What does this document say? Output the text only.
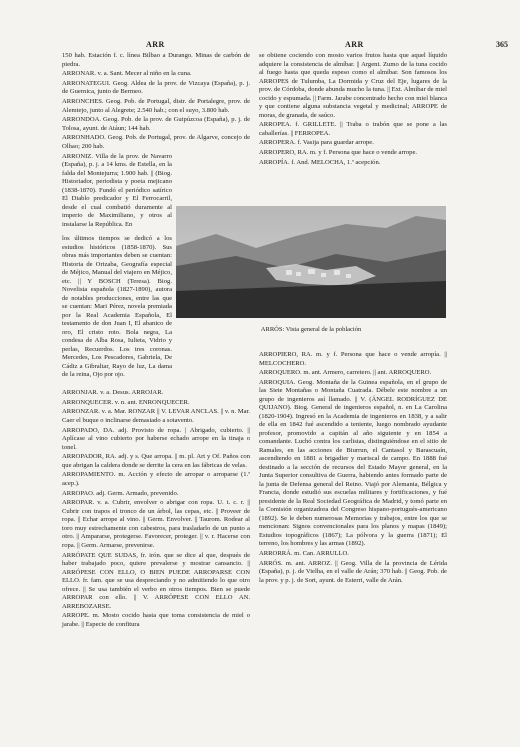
ARR	ARR	365

150 hab. Estación f. c. línea Bilbao a Durango. Minas de carbón de piedra.

ARRONAR. v. a. Sant. Mecer al niño en la cuna.

ARRONATEGUI. Geog. Aldea de la prov. de Vizcaya (España), p. j. de Guernica, junto de Bermeo.

ARRONCHES. Geog. Pob. de Portugal, distr. de Portalegre, prov. de Alemtejo, junto al Alegrete; 2.540 hab.; con el suyo, 3.800 hab.

ARRONDOA. Geog. Pob. de la prov. de Guipúzcoa (España), p. j. de Tolosa, ayunt. de Atáun; 144 hab.

ARRONHADO. Geog. Pob. de Portugal, prov. de Algarve, concejo de Olhao; 200 hab.

ARRONIZ. Villa de la prov. de Navarro (España), p. j. a 14 kms. de Estella, en la falda del Montejurra; 1.900 hab. || (Biog. Historiador, periodista y poeta mejicano (1838-1870). Fundó el periódico satírico El Diablo predicador y El Ferrocarril, desde el cual combatió duramente al imperio de Maximiliano, y otros al instalarse la República. En

los últimos tiempos se dedicó a los estudios históricos (1858-1870). Sus obras más importantes deben se cuentan: Historia de Orizaba, Geografía especial de Méjico, Manual del viajero en Méjico, etc. || Y BOSCH (Teresa). Biog. Novelista española (1827-1890), autora de notables producciones, entre las que se cuentan: Mari Pérez, novela premiada por la Real Academia Española, El testamento de don Juan I, El abanico de oro, El cristo roto. Bola negra, La condesa de Alba Rosa, Iulieta, Vidrio y perlas, Recuerdos. Los tres coronas. Mercedes, Los Pescadores, Gabriela, De Cádiz a Gibraltar, Rayo de luz, La dama de la reina, Ojo por ojo.

ARRÓS: Vista general de la población

ARRONJAR. v. a. Desus. ARROJAR.

ARRONQUECER. v. n. ant. ENRONQUECER.

ARRONZAR. v. a. Mar. RONZAR || V. LEVAR ANCLAS. || v. n. Mar. Caer el buque o inclinarse demasiado a sotavento.

ARROPADO, DA. adj. Provisto de ropa. | Abrigado, cubierto. || Aplícase al vino cubierto por haberse echado arrope en la tinaja o tonel.

ARROPADOR, RA. adj. y s. Que arropa. || m. pl. Art y Of. Paños con que abrigan la caldera donde se derrite la cera en las fábricas de velas.

ARROPAMIENTO. m. Acción y efecto de arropar o arroparse (1.ª acep.).

ARROPAO. adj. Germ. Armado, prevenido.

ARROPAR. v. a. Cubrir, envolver o abrigar con ropa. U. t. c. r. || Cubrir con trapos el tronco de un árbol, las cepas, etc. || Proveer de ropa. || Echar arrope al vino. || Germ. Envolver. || Taurom. Rodear al toro muy estrechamente con cabestros, para trasladarlo de un punto a otro. || Ampararse, protegerse. Favorecer, proteger. || v. r. Hacerse con ropa. || Germ. Armarse, prevenirse.

ARRÓPATE QUE SUDAS, fr. irón. que se dice al que, después de haber trabajado poco, quiere prevalerse y mostrar cansancio. || ARRÓPESE CON ELLO, O BIEN PUEDE ARROPARSE CON ELLO. fr. fam. que se usa despreciando y no admitiendo lo que otro ofrece. || Se usa también el verbo en otros tiempos. Bien se puede ARROPAR con ello. || V. ARRÓPESE CON ELLO AN. ARREBOZARSE.

ARROPE. m. Mosto cocido hasta que toma consistencia de miel o jarabe. || Especie de confitura

se obtiene cociendo con mosto varios frutos hasta que aquel líquido adquiere la consistencia de almíbar. || Argent. Zumo de la tuna cocido al fuego hasta que queda espeso como el almíbar. Son famosos los ARROPES de Tulumba, La Dormida y Cruz del Eje, lugares de la prov. de Córdoba, donde abunda mucho la tuna. || Ext. Almíbar de miel cocido y espumada. || Farm. Jarabe concentrado hecho con miel blanca y que contiene alguna substancia vegetal y medicinal; ARROPE de moras, de granada, de saúco.

ARROPEA. f. GRILLETE. || Traba o trabón que se pone a las caballerías. || FERROPEA.

ARROPERA. f. Vasija para guardar arrope.

ARROPERO, RA. m. y f. Persona que hace o vende arrope.

ARROPÍA. f. And. MELOCHA, 1.ª acepción.

ARROPIERO, RA. m. y f. Persona que hace o vende arropía. || MELCOCHERO.

ARROQUERO. m. ant. Armero, carretero. || ant. ARROQUERO.

ARROQUIA. Geog. Montaña de la Guinea española, en el grupo de las Siete Montañas o Montaña Cuatrada. Débele este nombre a un grupo de ingenieros así llamado. || V. (ÁNGEL RODRÍGUEZ DE QUIJANO). Biog. General de ingenieros español, n. en La Carolina (1820-1904). Ingresó en la Academia de ingenieros en 1838, y a salir de ella en 1842 fué ascendido a teniente, luego nombrado ayudante profesor, promovido a capitán al año siguiente y en 1854 a comandante. Luchó contra los carlistas, distinguiéndose en el sitio de Ramales, en las acciones de Biurrun, el Cantasol y Barascuaín, ascendiendo en 1881 a brigadier y mariscal de campo. En 1888 fué destinado a la sección de recursos del Estado Mayor general, en la Junta Superior consultiva de Guerra, habiendo antes formado parte de la junta de Defensa general del Reino. Viajó por Alemania, Bélgica y Francia, donde estudió sus escuelas militares y fortificaciones, y fué presidente de la Real Sociedad Geográfica de Madrid, y tomó parte en la Comisión organizadora del Congreso hispano-portugués-americano (1892). Se le deben numerosas Memorias y trabajos, entre los que se mencionan: Signos convencionales para los planos y mapas (1849); Estudios topográficos (1867); La pólvora y la guerra (1871); El terreno, los hombres y las armas (1892).

ARRORRÁ. m. Can. ARRULLO.

ARRÓS. m. ant. ARROZ. || Geog. Villa de la provincia de Lérida (España), p. j. de Vielha, en el valle de Arán; 370 hab. || Geog. Pob. de la prov. y p. j. de Sort, ayunt. de Esterri, valle de Arán.
